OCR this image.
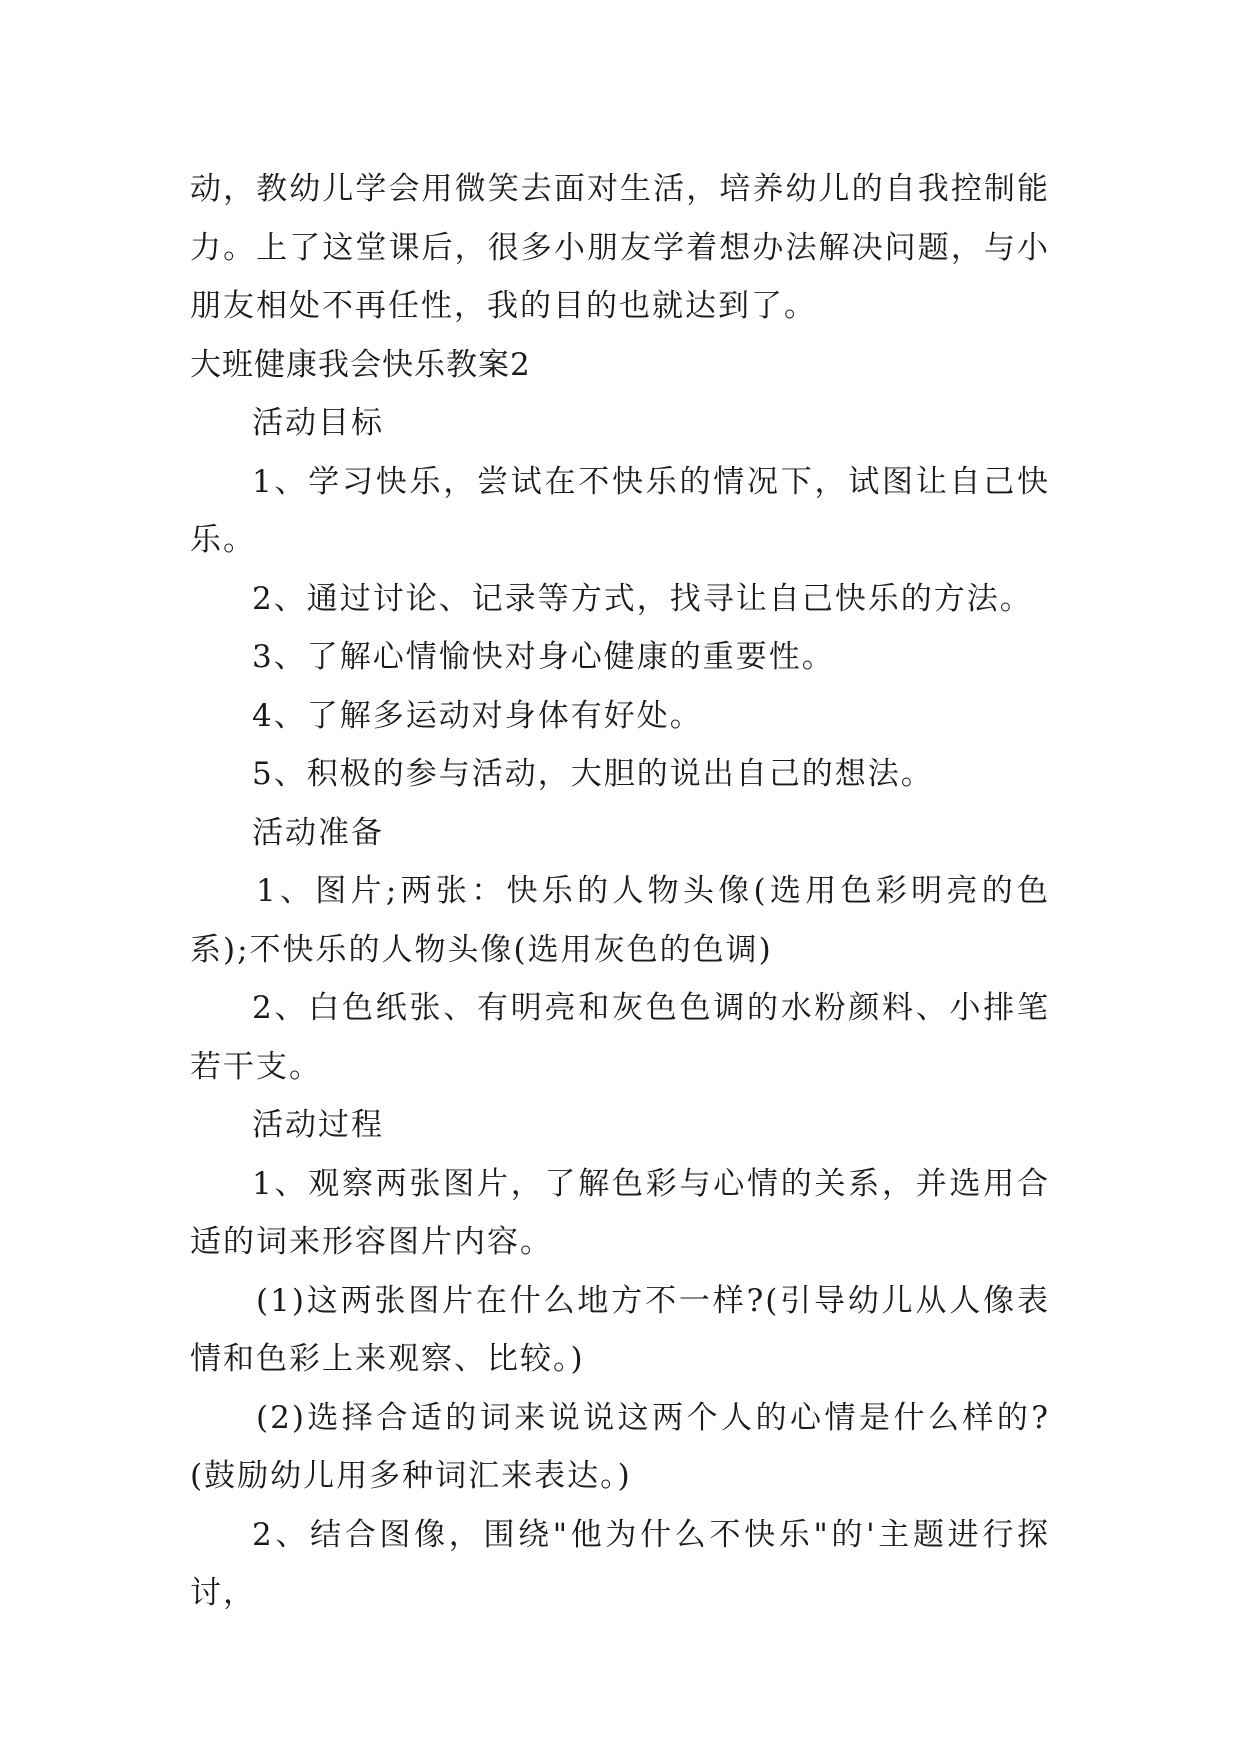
动，教幼儿学会用微笑去面对生活，培养幼儿的自我控制能力。上了这堂课后，很多小朋友学着想办法解决问题，与小朋友相处不再任性，我的目的也就达到了。

大班健康我会快乐教案2

活动目标

1、学习快乐，尝试在不快乐的情况下，试图让自己快乐。

2、通过讨论、记录等方式，找寻让自己快乐的方法。

3、了解心情愉快对身心健康的重要性。

4、了解多运动对身体有好处。

5、积极的参与活动，大胆的说出自己的想法。

活动准备

1、图片;两张：快乐的人物头像(选用色彩明亮的色系);不快乐的人物头像(选用灰色的色调)

2、白色纸张、有明亮和灰色色调的水粉颜料、小排笔若干支。

活动过程

1、观察两张图片，了解色彩与心情的关系，并选用合适的词来形容图片内容。

(1)这两张图片在什么地方不一样?(引导幼儿从人像表情和色彩上来观察、比较。)

(2)选择合适的词来说说这两个人的心情是什么样的?(鼓励幼儿用多种词汇来表达。)

2、结合图像，围绕"他为什么不快乐"的'主题进行探讨，
